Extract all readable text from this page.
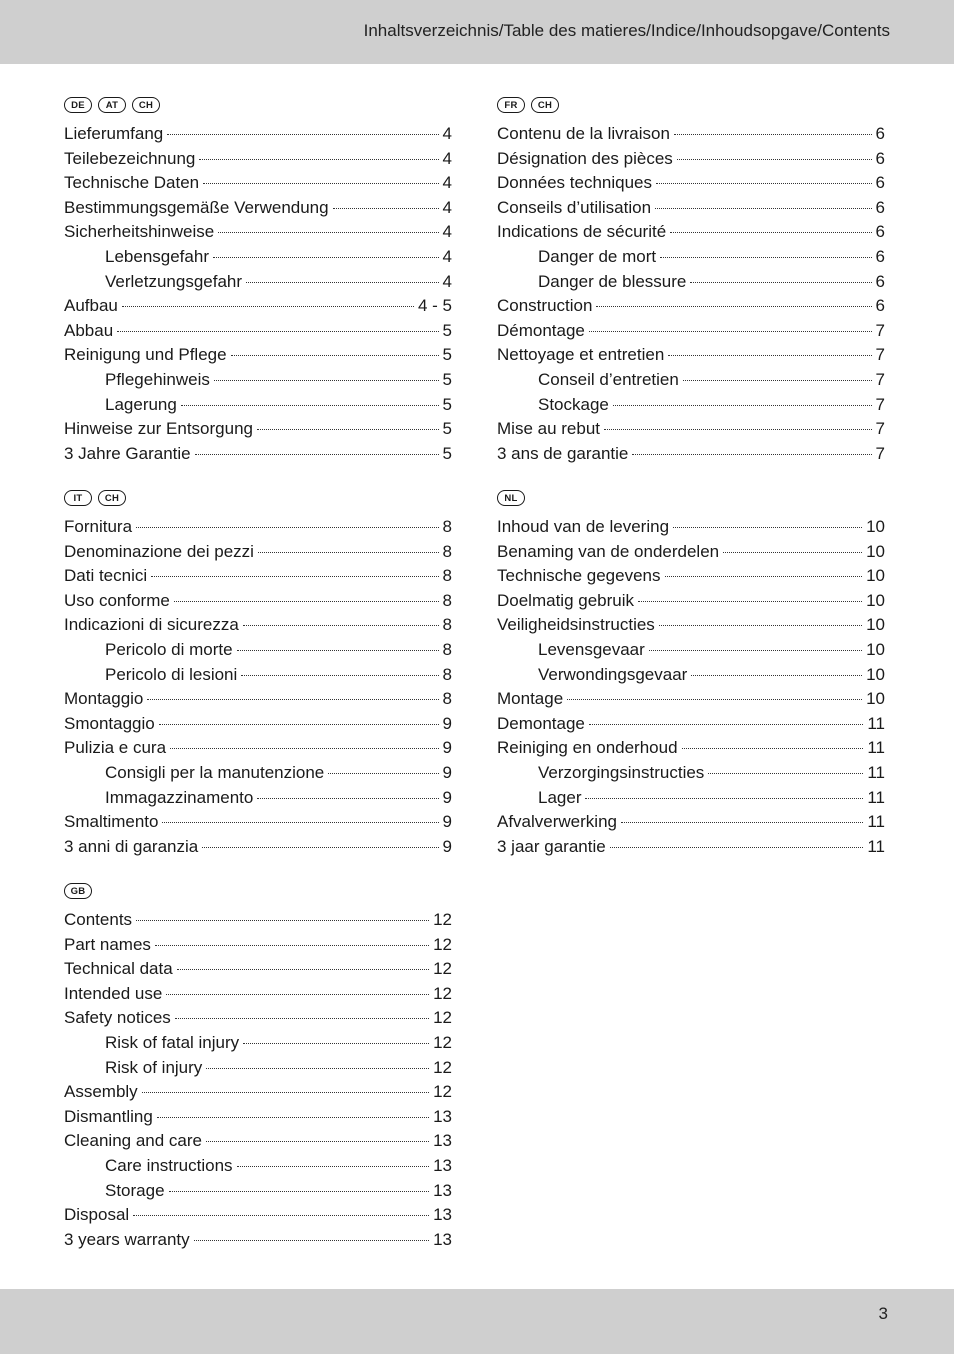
Inhaltsverzeichnis/Table des matieres/Indice/Inhoudsopgave/Contents
DE	AT	CH
Lieferumfang	4
Teilebezeichnung	4
Technische Daten	4
Bestimmungsgemäße Verwendung	4
Sicherheitshinweise	4
Lebensgefahr	4
Verletzungsgefahr	4
Aufbau	4 - 5
Abbau	5
Reinigung und Pflege	5
Pflegehinweis	5
Lagerung	5
Hinweise zur Entsorgung	5
3 Jahre Garantie	5
IT	CH
Fornitura	8
Denominazione dei pezzi	8
Dati tecnici	8
Uso conforme	8
Indicazioni di sicurezza	8
Pericolo di morte	8
Pericolo di lesioni	8
Montaggio	8
Smontaggio	9
Pulizia e cura	9
Consigli per la manutenzione	9
Immagazzinamento	9
Smaltimento	9
3 anni di garanzia	9
GB
Contents	12
Part names	12
Technical data	12
Intended use	12
Safety notices	12
Risk of fatal injury	12
Risk of injury	12
Assembly	12
Dismantling	13
Cleaning and care	13
Care instructions	13
Storage	13
Disposal	13
3 years warranty	13
FR	CH
Contenu de la livraison	6
Désignation des pièces	6
Données techniques	6
Conseils d’utilisation	6
Indications de sécurité	6
Danger de mort	6
Danger de blessure	6
Construction	6
Démontage	7
Nettoyage et entretien	7
Conseil d’entretien	7
Stockage	7
Mise au rebut	7
3 ans de garantie	7
NL
Inhoud van de levering	10
Benaming van de onderdelen	10
Technische gegevens	10
Doelmatig gebruik	10
Veiligheidsinstructies	10
Levensgevaar	10
Verwondingsgevaar	10
Montage	10
Demontage	11
Reiniging en onderhoud	11
Verzorgingsinstructies	11
Lager	11
Afvalverwerking	11
3 jaar garantie	11
3
